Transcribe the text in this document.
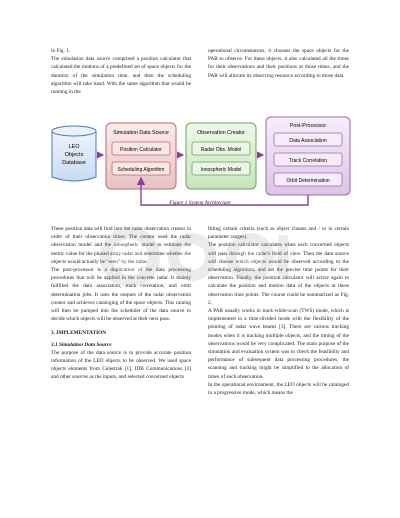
in Fig. 1.

The simulation data source comprised a position calculator that calculated the motions of a predefined set of space objects for the duration of the simulation time, and then the scheduling algorithm will take hand. With the same algorithm that would be running in the

operational circumstances, it chooses the space objects for the PAR to observe. For these objects, it also calculated all the times for their observations and their positions at those times, and the PAR will allocate its observing resource according to those data.

LEO
Objects
Database
Simulation Data Source
Position Calculator
Scheduling Algorithm
Observation Creator
Radar Obs. Model
Ionospheric Model
Post-Processor
Data Association
Track Correlation
Orbit Determination
Figure 1 System Architecture

These position data will fold into the radar observation creator in order of their observation times. The creator used the radar observation model and the ionospheric model to estimate the metric value for the phased array radar and determine whether the objects would actually be "seen" by the radar.

The post-processor is a duplication of the data processing procedures that will be applied in the concrete radar. It mainly fulfilled the data association, track correlation, and orbit determination jobs. It uses the outputs of the radar observation creator and achieves cataloging of the space objects. This catalog will then be pumped into the scheduler of the data source to decide which objects will be observed at their next pass.

3. IMPLEMENTATION

3.1 Simulation Data Source

The purpose of the data source is to provide accurate position information of the LEO objects to be observed. We used space objects elements from Celestrak [1], IDB Communications [2] and other sources as the inputs, and selected concerned objects

fitting certain criteria (such as object classes and / or in certain parameter ranges).

The position calculator calculates when each concerned objects will pass through the radar's field of view. Then the data source will choose which objects would be observed according to the scheduling algorithm, and set the precise time points for their observation. Finally, the position calculator will active again to calculate the position and motion data of the objects at these observation time points. The course could be summarized as Fig. 2.

A PAR usually works in track-while-scan (TWS) mode, which is implemented in a time-divided mode with the flexibility of the pointing of radar wave beams [3]. There are various tracking modes when it is tracking multiple objects, and the timing of the observations would be very complicated. The main purpose of the simulation and evaluation system was to check the feasibility and performance of subsequent data processing procedures, the scanning and tracking might be simplified to the allocation of times of each observation.

In the operational environment, the LEO objects will be cataloged in a progressive mode, which means the
